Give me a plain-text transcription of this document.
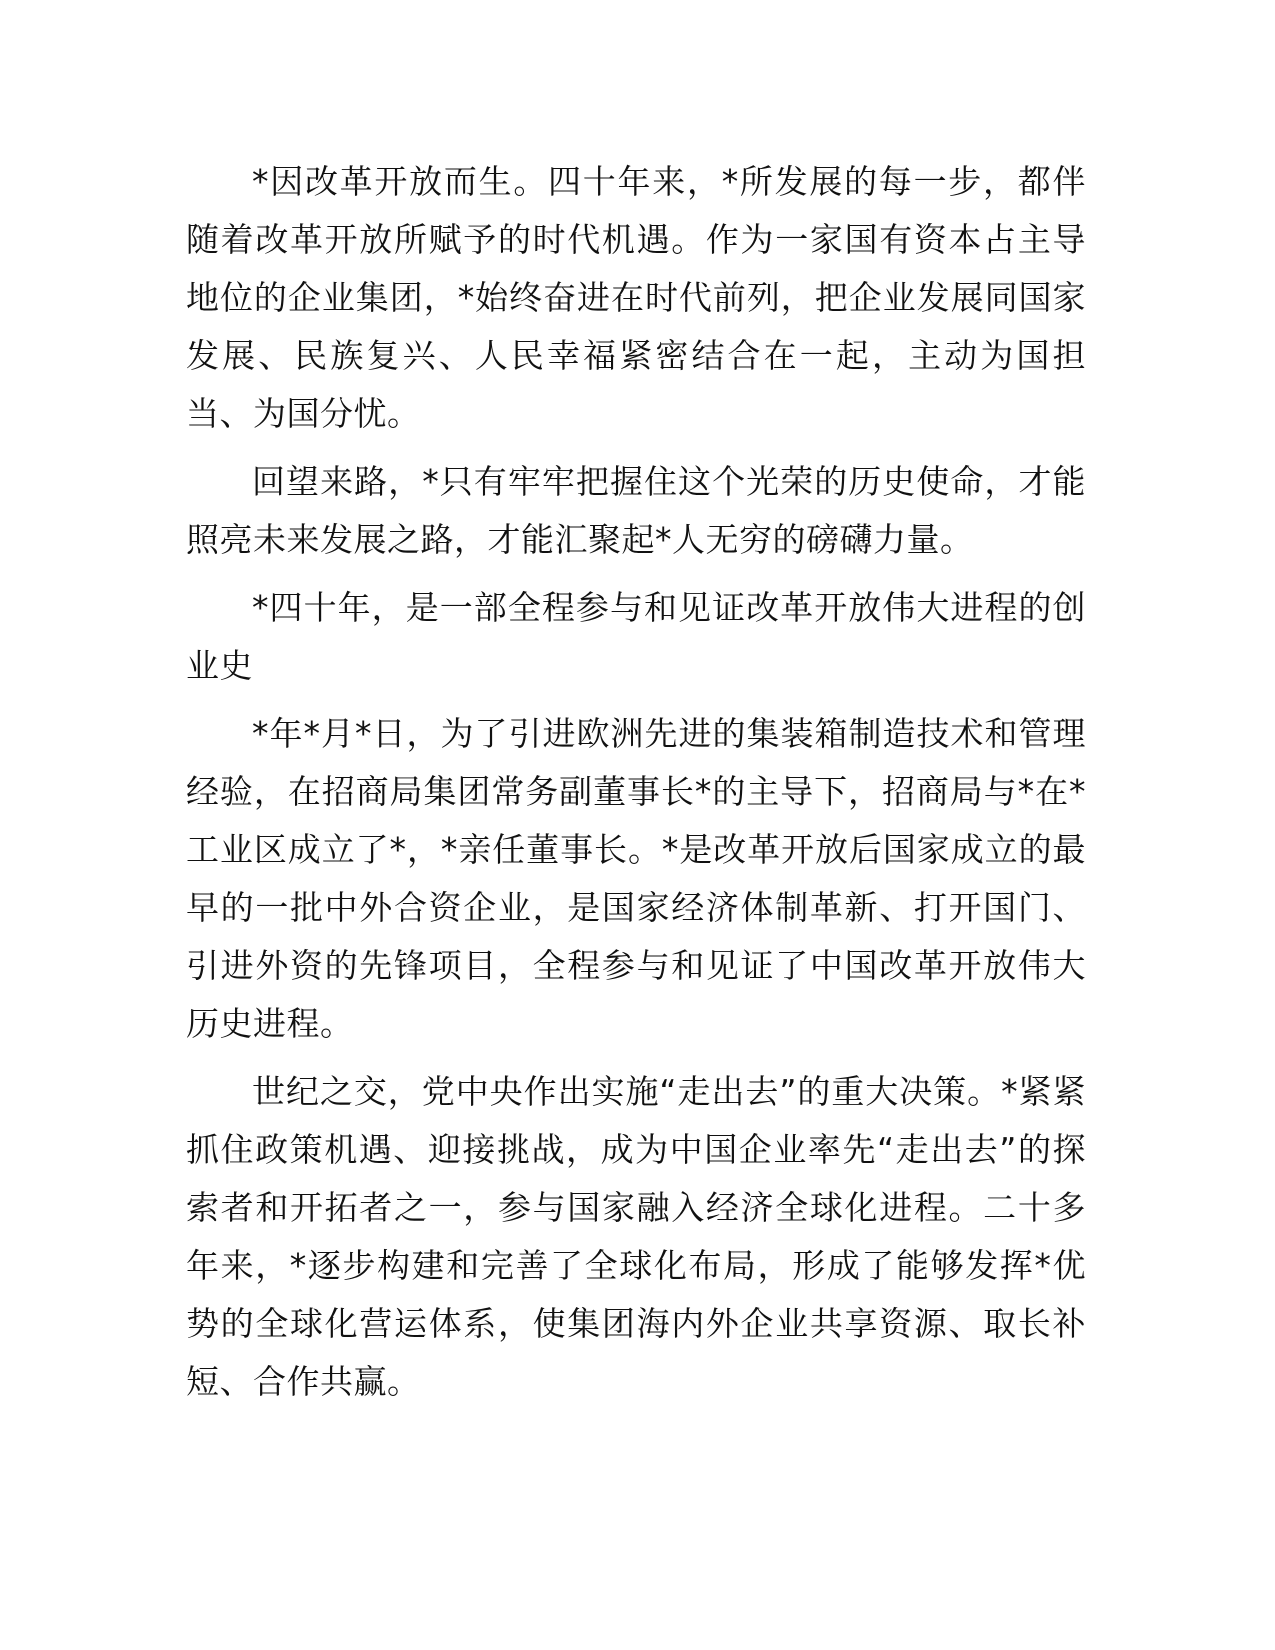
*因改革开放而生。四十年来，*所发展的每一步，都伴随着改革开放所赋予的时代机遇。作为一家国有资本占主导地位的企业集团，*始终奋进在时代前列，把企业发展同国家发展、民族复兴、人民幸福紧密结合在一起，主动为国担当、为国分忧。

回望来路，*只有牢牢把握住这个光荣的历史使命，才能照亮未来发展之路，才能汇聚起*人无穷的磅礴力量。

*四十年，是一部全程参与和见证改革开放伟大进程的创业史

*年*月*日，为了引进欧洲先进的集装箱制造技术和管理经验，在招商局集团常务副董事长*的主导下，招商局与*在*工业区成立了*，*亲任董事长。*是改革开放后国家成立的最早的一批中外合资企业，是国家经济体制革新、打开国门、引进外资的先锋项目，全程参与和见证了中国改革开放伟大历史进程。

世纪之交，党中央作出实施“走出去”的重大决策。*紧紧抓住政策机遇、迎接挑战，成为中国企业率先“走出去”的探索者和开拓者之一，参与国家融入经济全球化进程。二十多年来，*逐步构建和完善了全球化布局，形成了能够发挥*优势的全球化营运体系，使集团海内外企业共享资源、取长补短、合作共赢。
